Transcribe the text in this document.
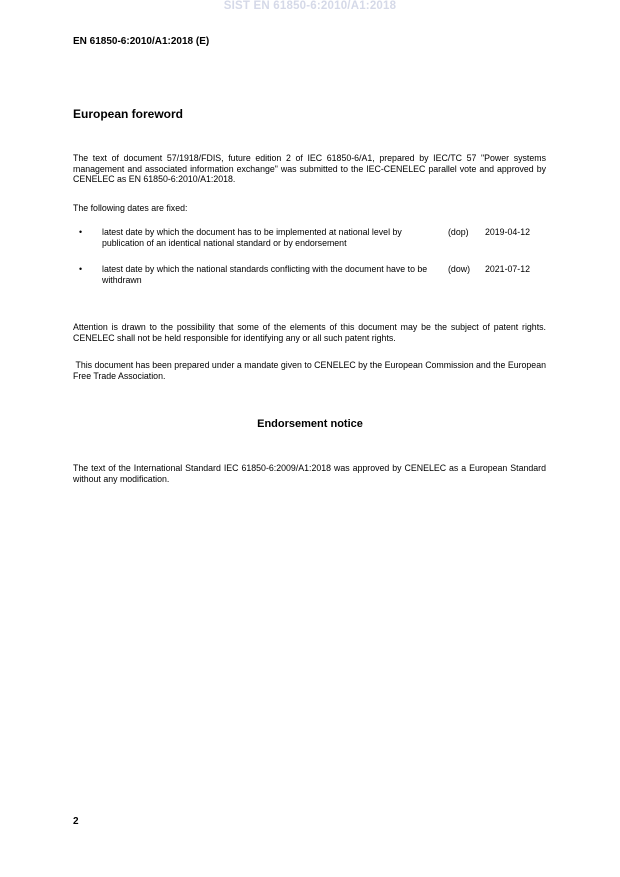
SIST EN 61850-6:2010/A1:2018
EN 61850-6:2010/A1:2018 (E)
European foreword
The text of document 57/1918/FDIS, future edition 2 of IEC 61850-6/A1, prepared by IEC/TC 57 "Power systems management and associated information exchange" was submitted to the IEC-CENELEC parallel vote and approved by CENELEC as EN 61850-6:2010/A1:2018.
The following dates are fixed:
• latest date by which the document has to be implemented at national level by publication of an identical national standard or by endorsement
(dop) 2019-04-12
• latest date by which the national standards conflicting with the document have to be withdrawn
(dow) 2021-07-12
Attention is drawn to the possibility that some of the elements of this document may be the subject of patent rights. CENELEC shall not be held responsible for identifying any or all such patent rights.
This document has been prepared under a mandate given to CENELEC by the European Commission and the European Free Trade Association.
Endorsement notice
The text of the International Standard IEC 61850-6:2009/A1:2018 was approved by CENELEC as a European Standard without any modification.
2
